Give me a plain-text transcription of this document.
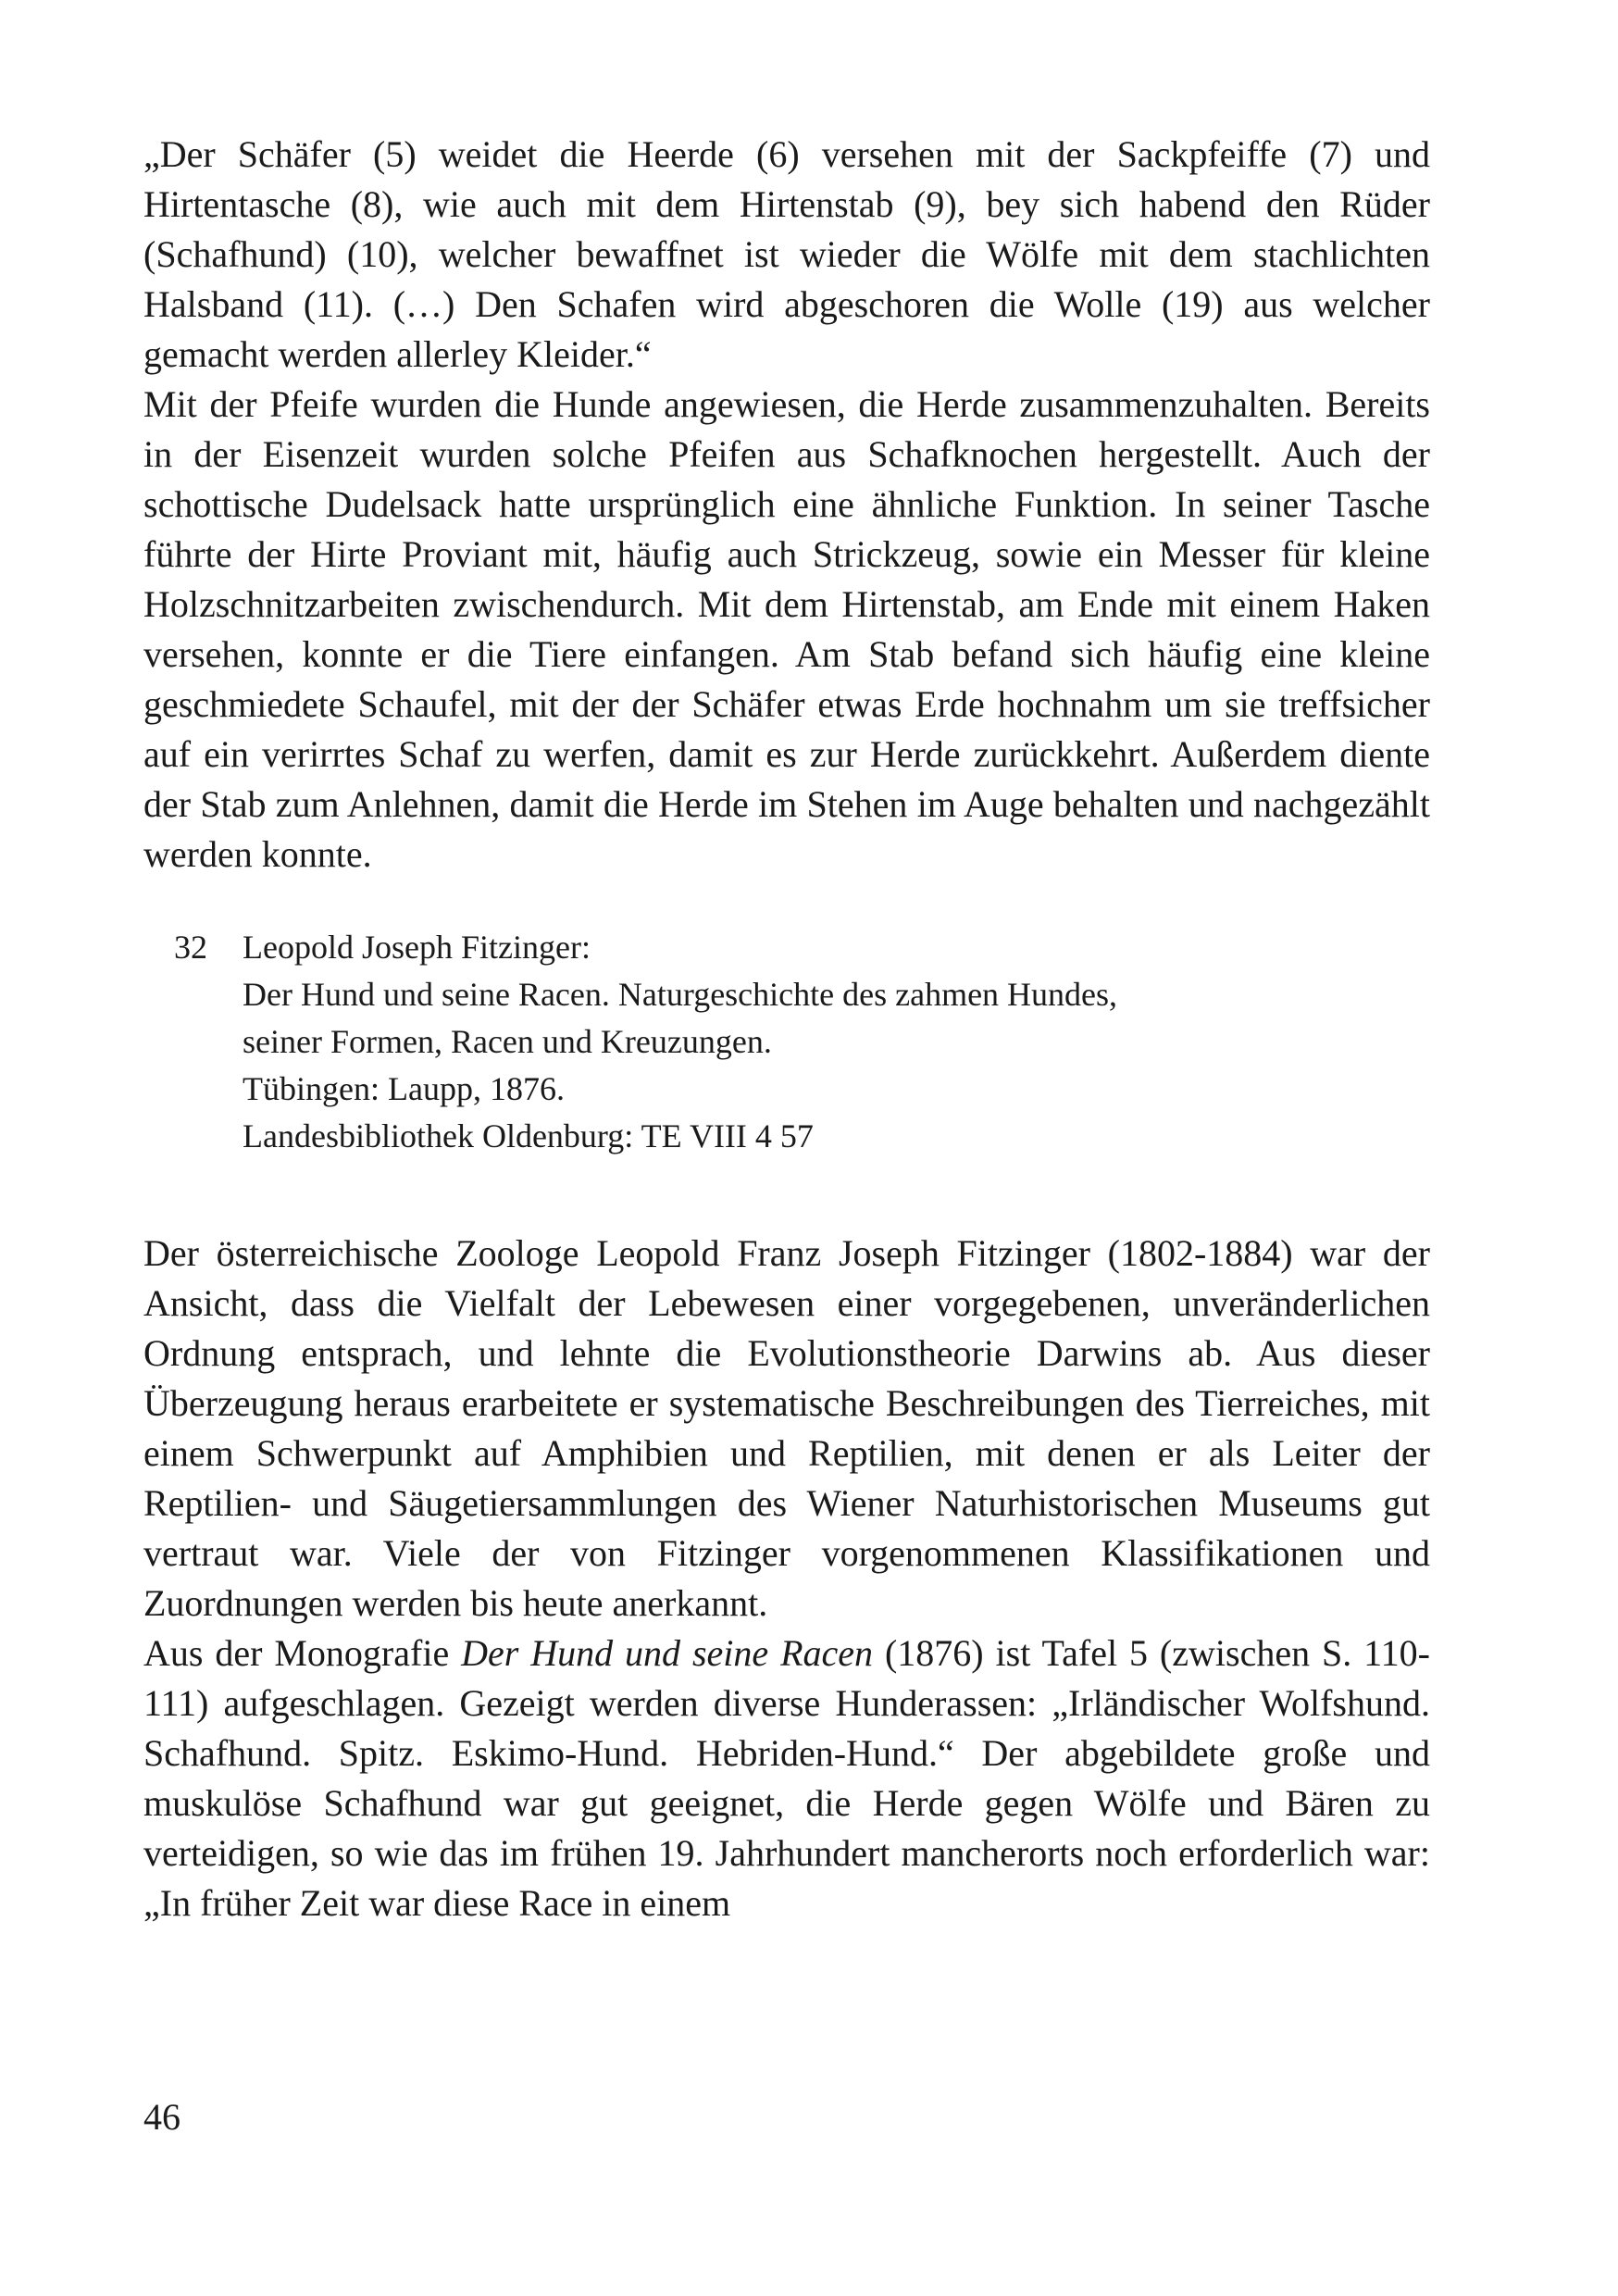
„Der Schäfer (5) weidet die Heerde (6) versehen mit der Sackpfeiffe (7) und Hirtentasche (8), wie auch mit dem Hirtenstab (9), bey sich habend den Rüder (Schafhund) (10), welcher bewaffnet ist wieder die Wölfe mit dem stachlichten Halsband (11). (…) Den Schafen wird abgeschoren die Wolle (19) aus welcher gemacht werden allerley Kleider.“

Mit der Pfeife wurden die Hunde angewiesen, die Herde zusammenzuhalten. Bereits in der Eisenzeit wurden solche Pfeifen aus Schafknochen hergestellt. Auch der schottische Dudelsack hatte ursprünglich eine ähnliche Funktion. In seiner Tasche führte der Hirte Proviant mit, häufig auch Strickzeug, sowie ein Messer für kleine Holzschnitzarbeiten zwischendurch. Mit dem Hirtenstab, am Ende mit einem Haken versehen, konnte er die Tiere einfangen. Am Stab befand sich häufig eine kleine geschmiedete Schaufel, mit der der Schäfer etwas Erde hochnahm um sie treffsicher auf ein verirrtes Schaf zu werfen, damit es zur Herde zurückkehrt. Außerdem diente der Stab zum Anlehnen, damit die Herde im Stehen im Auge behalten und nachgezählt werden konnte.

32	Leopold Joseph Fitzinger:
Der Hund und seine Racen. Naturgeschichte des zahmen Hundes,
seiner Formen, Racen und Kreuzungen.
Tübingen: Laupp, 1876.
Landesbibliothek Oldenburg: TE VIII 4 57

Der österreichische Zoologe Leopold Franz Joseph Fitzinger (1802-1884) war der Ansicht, dass die Vielfalt der Lebewesen einer vorgegebenen, unveränderlichen Ordnung entsprach, und lehnte die Evolutionstheorie Darwins ab. Aus dieser Überzeugung heraus erarbeitete er systematische Beschreibungen des Tierreiches, mit einem Schwerpunkt auf Amphibien und Reptilien, mit denen er als Leiter der Reptilien- und Säugetiersammlungen des Wiener Naturhistorischen Museums gut vertraut war. Viele der von Fitzinger vorgenommenen Klassifikationen und Zuordnungen werden bis heute anerkannt.

Aus der Monografie Der Hund und seine Racen (1876) ist Tafel 5 (zwischen S. 110-111) aufgeschlagen. Gezeigt werden diverse Hunderassen: „Irländischer Wolfshund. Schafhund. Spitz. Eskimo-Hund. Hebriden-Hund.“ Der abgebildete große und muskulöse Schafhund war gut geeignet, die Herde gegen Wölfe und Bären zu verteidigen, so wie das im frühen 19. Jahrhundert mancherorts noch erforderlich war: „In früher Zeit war diese Race in einem

46
